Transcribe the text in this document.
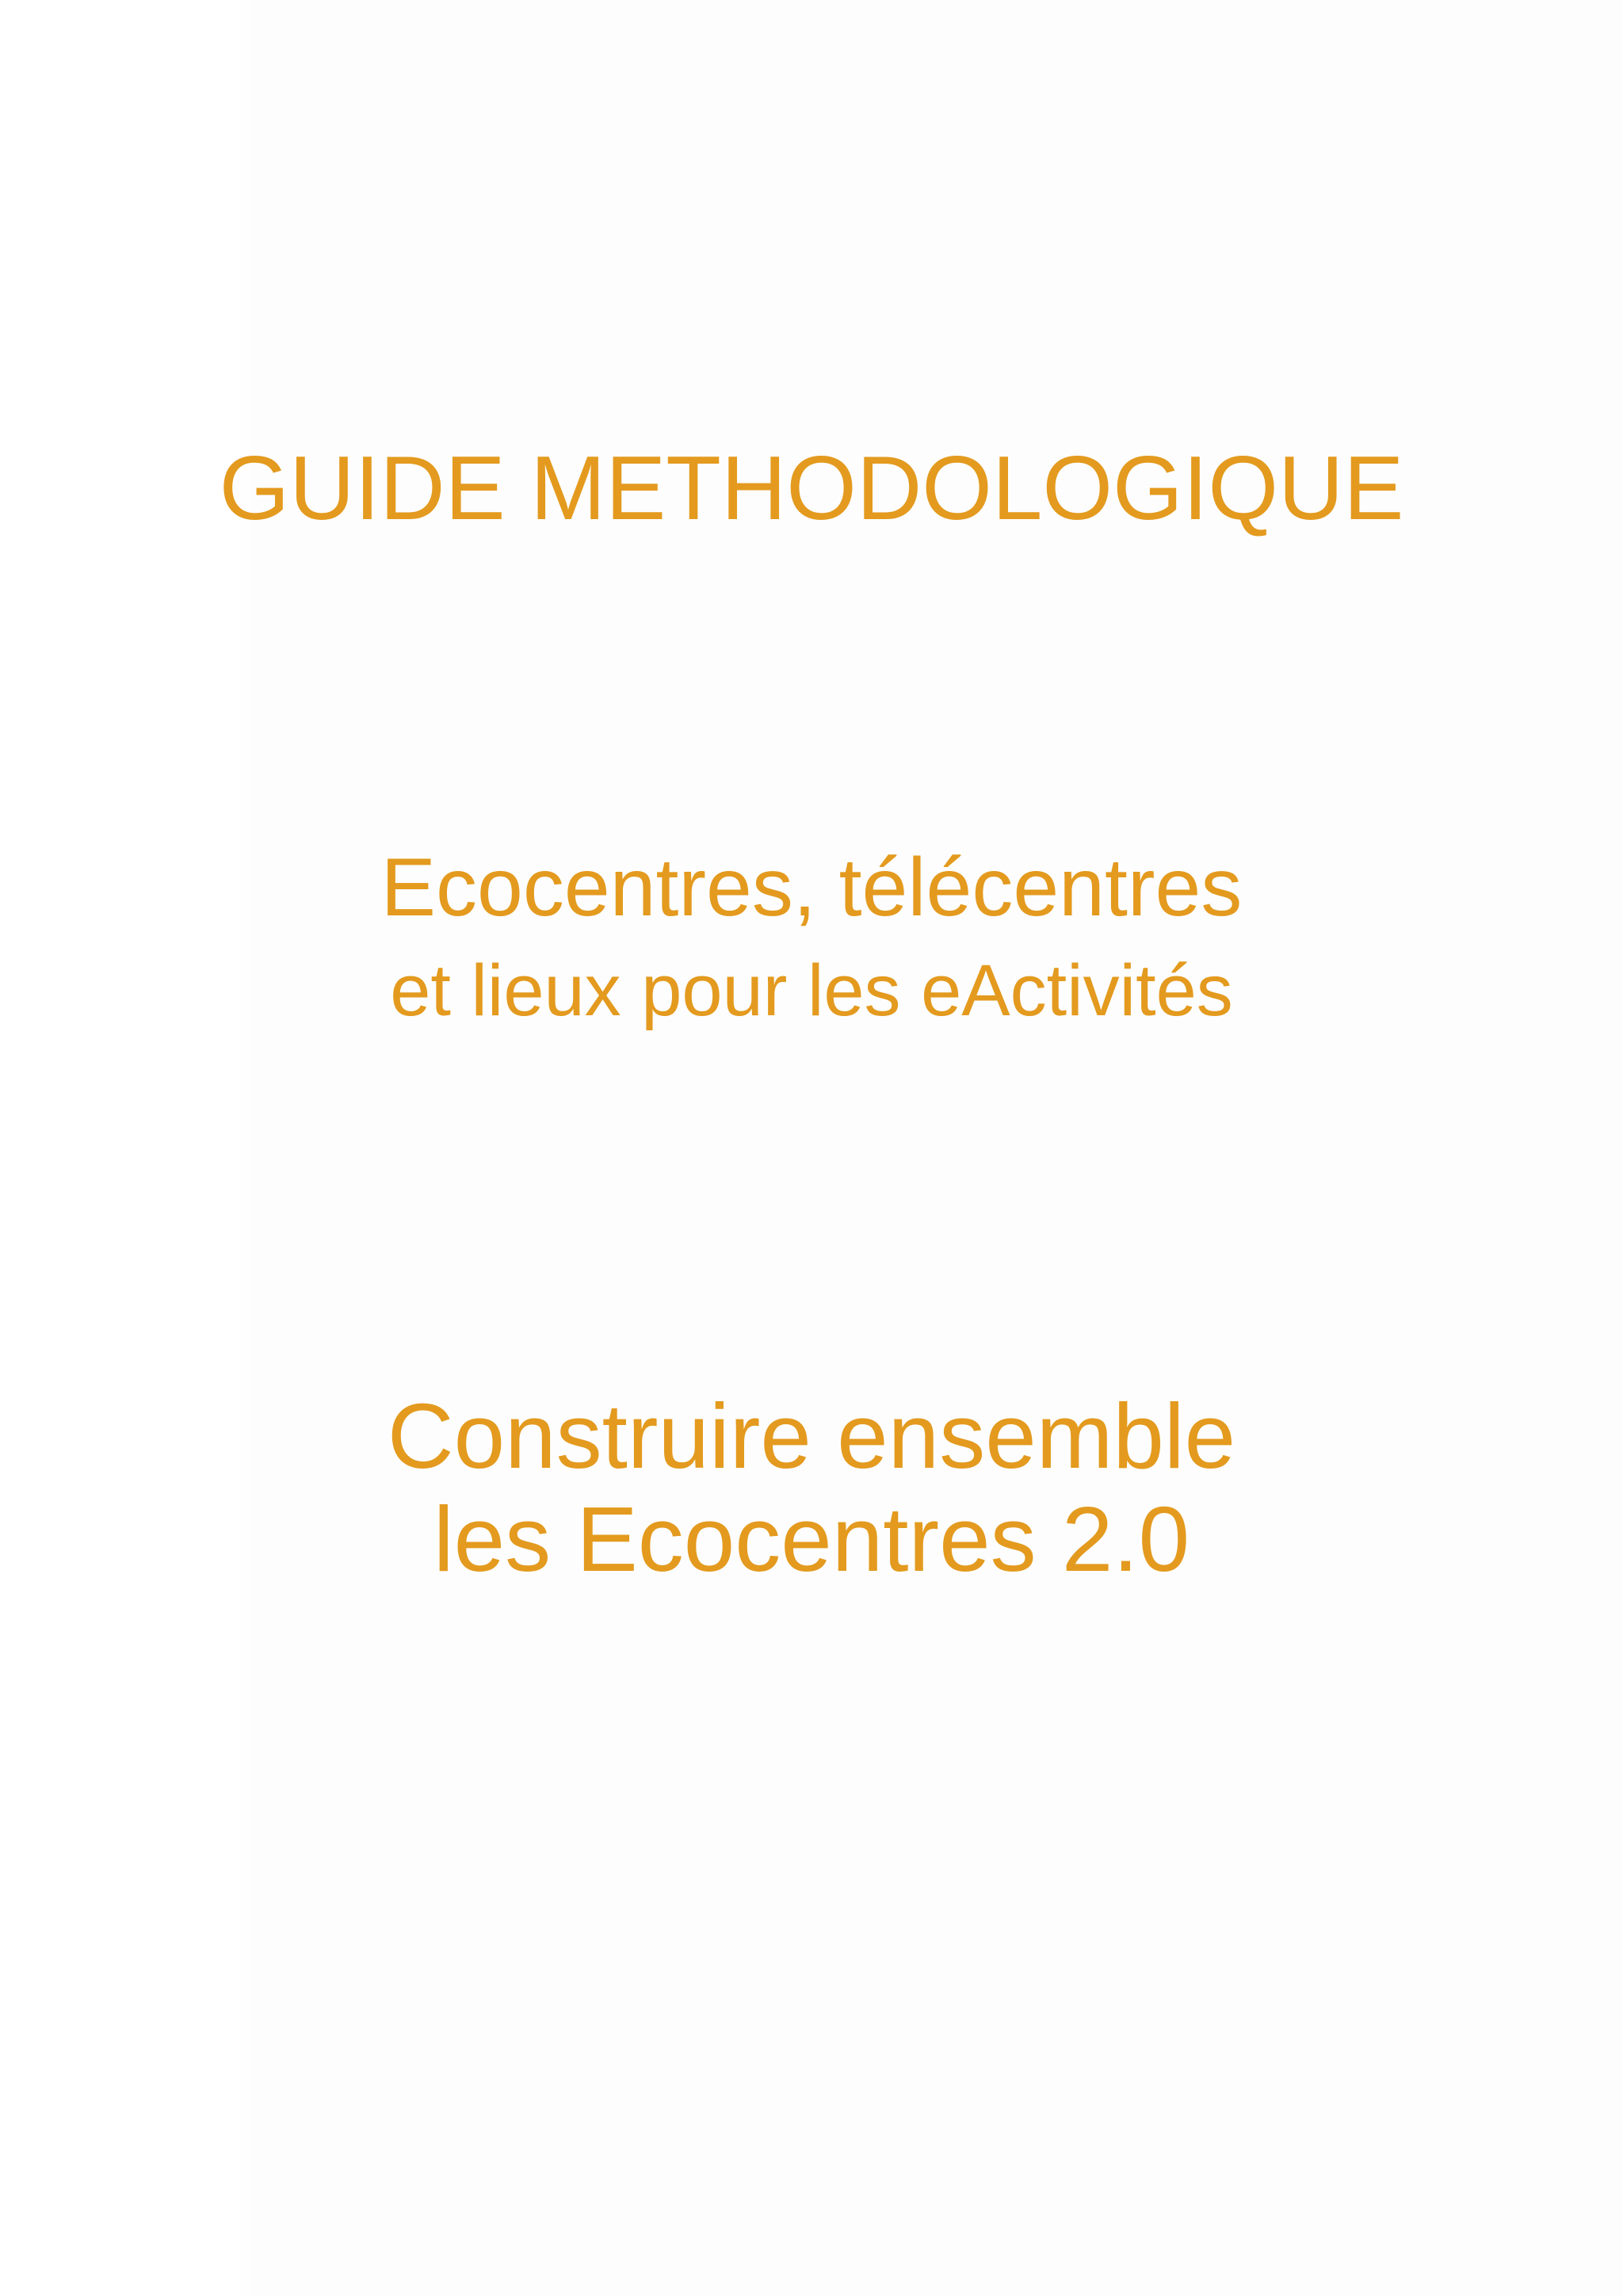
GUIDE METHODOLOGIQUE
Ecocentres, télécentres
et lieux pour les eActivités
Construire ensemble
les Ecocentres 2.0
